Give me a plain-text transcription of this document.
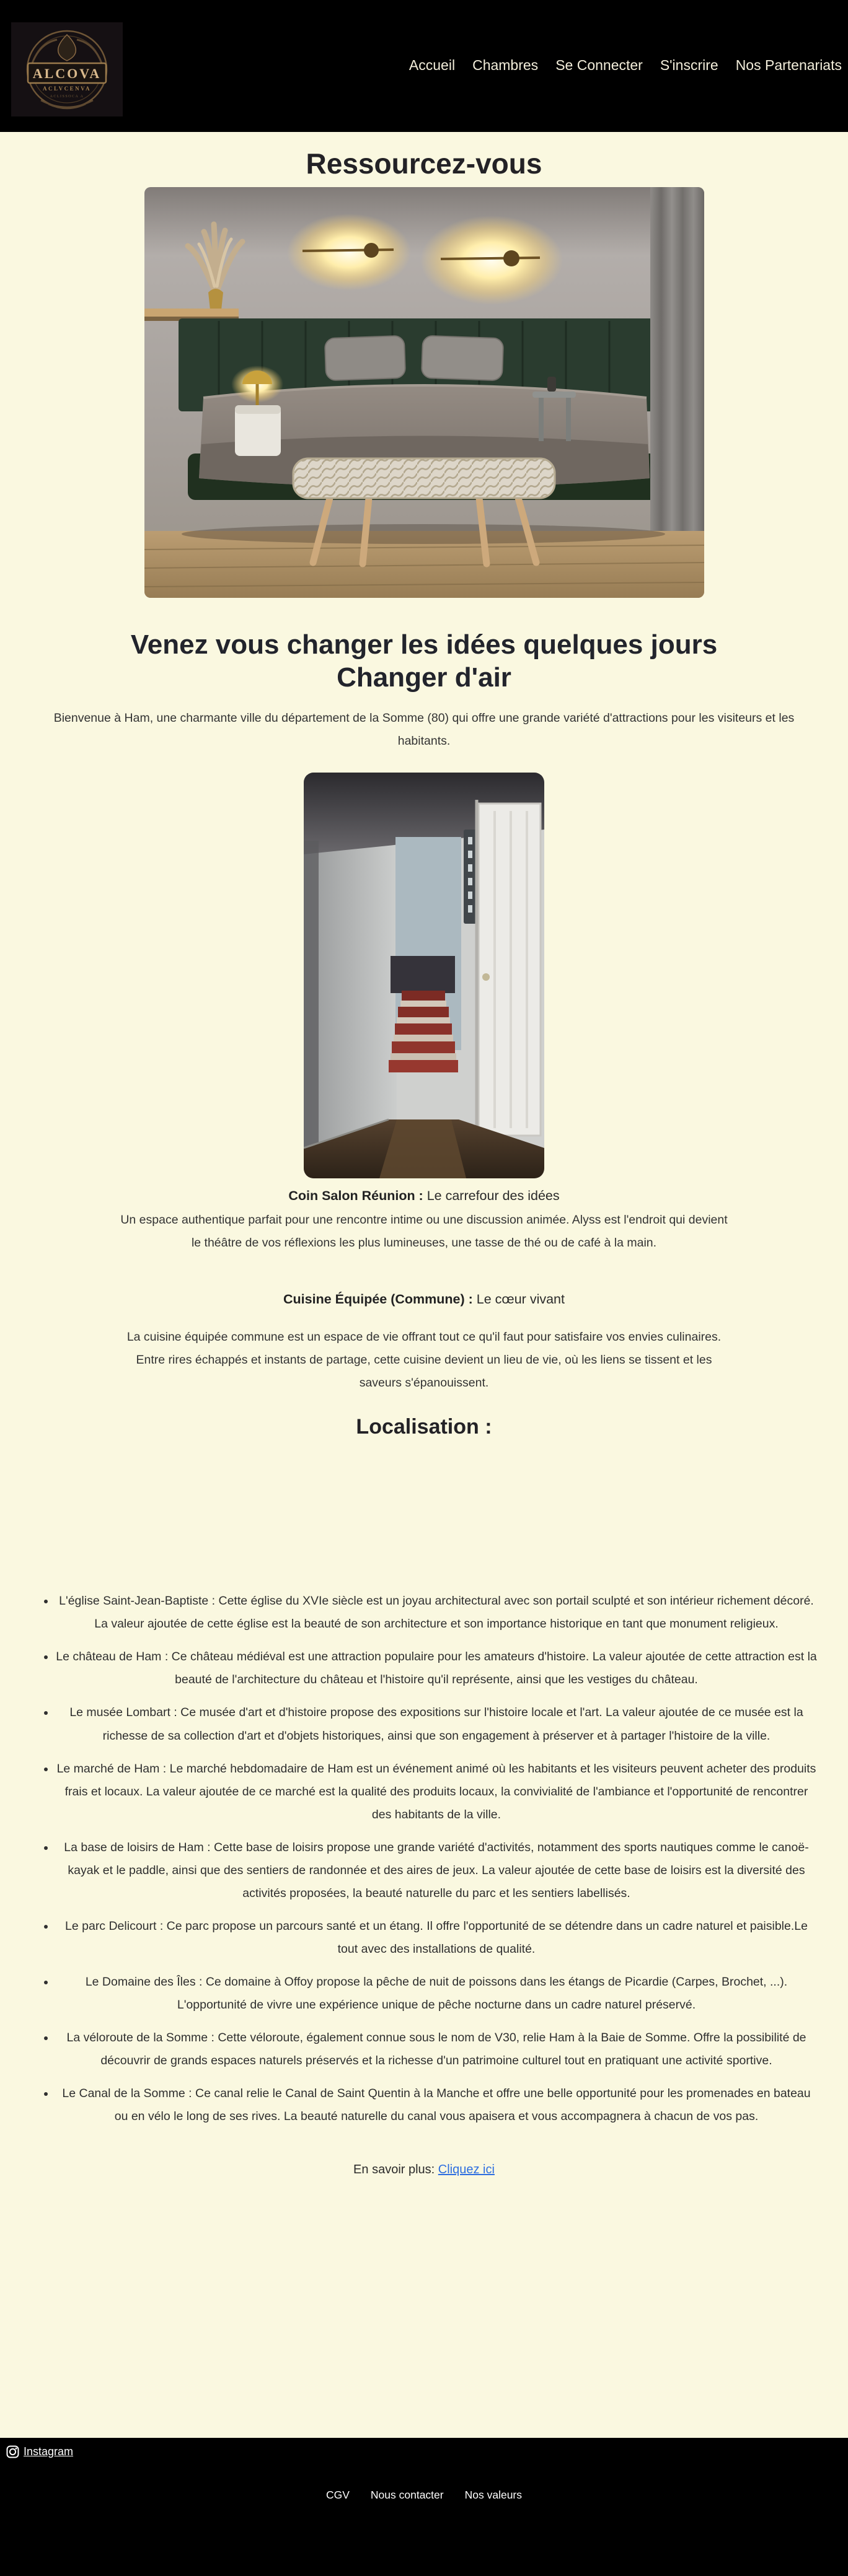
ALCOVA
ACLVCENVA
ACLISSOCA A
Accueil Chambres Se Connecter S'inscrire Nos Partenariats
Ressourcez-vous
Venez vous changer les idées quelques jours
Changer d'air

Bienvenue à Ham, une charmante ville du département de la Somme (80) qui offre une grande variété d'attractions pour les visiteurs et les habitants.

Coin Salon Réunion : Le carrefour des idées

Un espace authentique parfait pour une rencontre intime ou une discussion animée. Alyss est l'endroit qui devient le théâtre de vos réflexions les plus lumineuses, une tasse de thé ou de café à la main.

Cuisine Équipée (Commune) : Le cœur vivant

La cuisine équipée commune est un espace de vie offrant tout ce qu'il faut pour satisfaire vos envies culinaires. Entre rires échappés et instants de partage, cette cuisine devient un lieu de vie, où les liens se tissent et les saveurs s'épanouissent.

Localisation :
• L'église Saint-Jean-Baptiste : Cette église du XVIe siècle est un joyau architectural avec son portail sculpté et son intérieur richement décoré. La valeur ajoutée de cette église est la beauté de son architecture et son importance historique en tant que monument religieux.
• Le château de Ham : Ce château médiéval est une attraction populaire pour les amateurs d'histoire. La valeur ajoutée de cette attraction est la beauté de l'architecture du château et l'histoire qu'il représente, ainsi que les vestiges du château.
• Le musée Lombart : Ce musée d'art et d'histoire propose des expositions sur l'histoire locale et l'art. La valeur ajoutée de ce musée est la richesse de sa collection d'art et d'objets historiques, ainsi que son engagement à préserver et à partager l'histoire de la ville.
• Le marché de Ham : Le marché hebdomadaire de Ham est un événement animé où les habitants et les visiteurs peuvent acheter des produits frais et locaux. La valeur ajoutée de ce marché est la qualité des produits locaux, la convivialité de l'ambiance et l'opportunité de rencontrer des habitants de la ville.
• La base de loisirs de Ham : Cette base de loisirs propose une grande variété d'activités, notamment des sports nautiques comme le canoë-kayak et le paddle, ainsi que des sentiers de randonnée et des aires de jeux. La valeur ajoutée de cette base de loisirs est la diversité des activités proposées, la beauté naturelle du parc et les sentiers labellisés.
• Le parc Delicourt : Ce parc propose un parcours santé et un étang. Il offre l'opportunité de se détendre dans un cadre naturel et paisible.Le tout avec des installations de qualité.
• Le Domaine des Îles : Ce domaine à Offoy propose la pêche de nuit de poissons dans les étangs de Picardie (Carpes, Brochet, ...). L'opportunité de vivre une expérience unique de pêche nocturne dans un cadre naturel préservé.
• La véloroute de la Somme : Cette véloroute, également connue sous le nom de V30, relie Ham à la Baie de Somme. Offre la possibilité de découvrir de grands espaces naturels préservés et la richesse d'un patrimoine culturel tout en pratiquant une activité sportive.
• Le Canal de la Somme : Ce canal relie le Canal de Saint Quentin à la Manche et offre une belle opportunité pour les promenades en bateau ou en vélo le long de ses rives. La beauté naturelle du canal vous apaisera et vous accompagnera à chacun de vos pas.

En savoir plus: Cliquez ici

Instagram
CGV Nous contacter Nos valeurs
